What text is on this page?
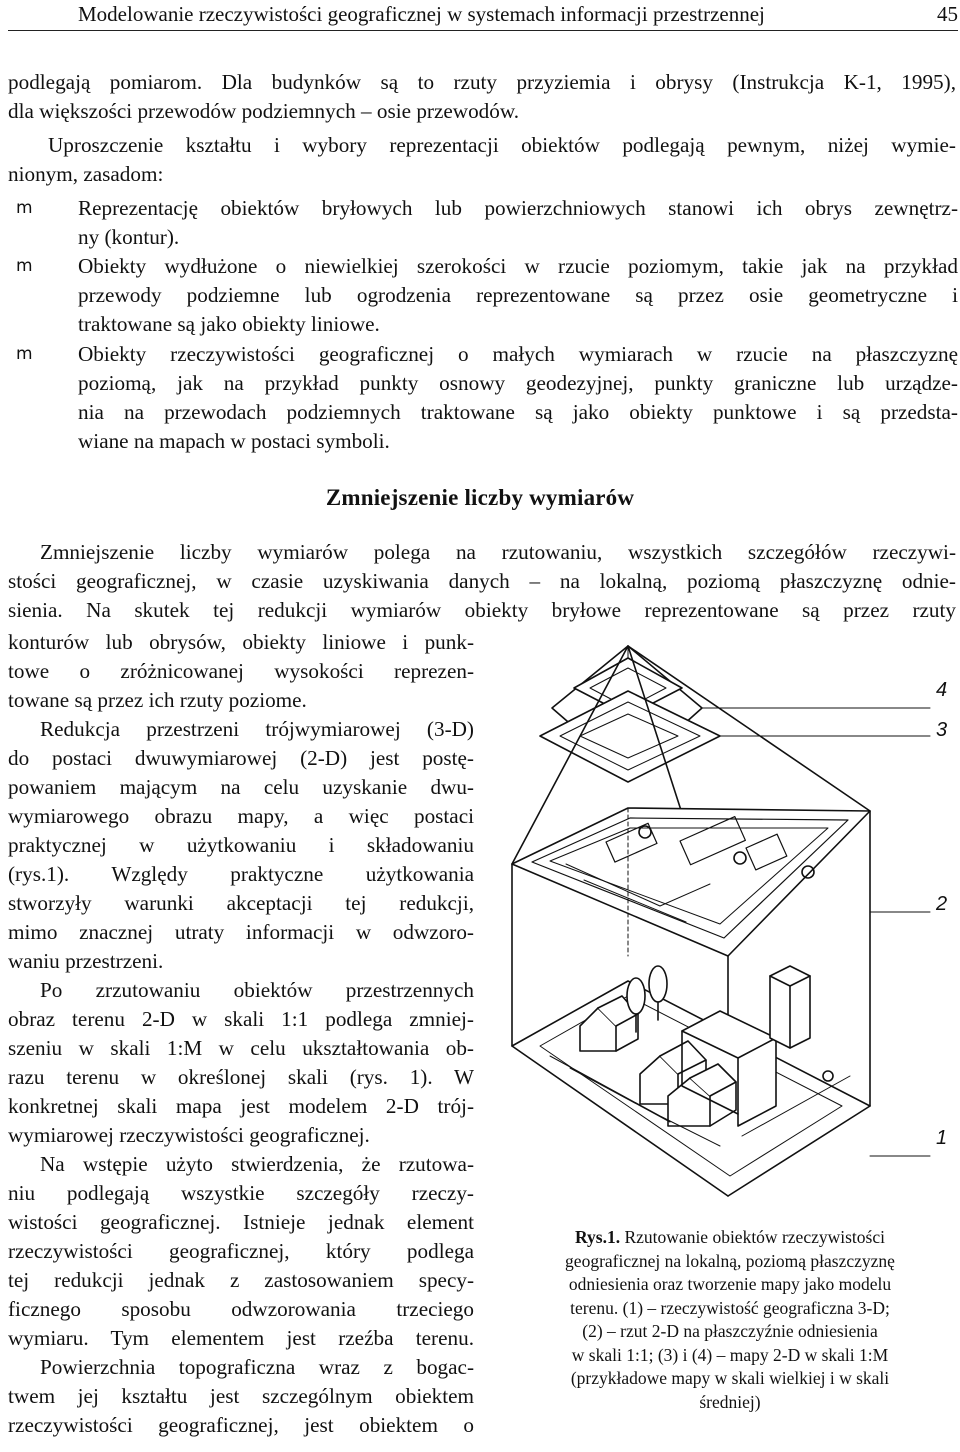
Modelowanie rzeczywistości geograficznej w systemach informacji przestrzennej	45
podlegają pomiarom. Dla budynków są to rzuty przyziemia i obrysy (Instrukcja K-1, 1995),
dla większości przewodów podziemnych – osie przewodów.
Uproszczenie kształtu i wybory reprezentacji obiektów podlegają pewnym, niżej wymie-
nionym, zasadom:
m Reprezentację obiektów bryłowych lub powierzchniowych stanowi ich obrys zewnętrz-
ny (kontur).
m Obiekty wydłużone o niewielkiej szerokości w rzucie poziomym, takie jak na przykład
przewody podziemne lub ogrodzenia reprezentowane są przez osie geometryczne i
traktowane są jako obiekty liniowe.
m Obiekty rzeczywistości geograficznej o małych wymiarach w rzucie na płaszczyznę
poziomą, jak na przykład punkty osnowy geodezyjnej, punkty graniczne lub urządze-
nia na przewodach podziemnych traktowane są jako obiekty punktowe i są przedsta-
wiane na mapach w postaci symboli.
Zmniejszenie liczby wymiarów
Zmniejszenie liczby wymiarów polega na rzutowaniu, wszystkich szczegółów rzeczywi-
stości geograficznej, w czasie uzyskiwania danych – na lokalną, poziomą płaszczyznę odnie-
sienia. Na skutek tej redukcji wymiarów obiekty bryłowe reprezentowane są przez rzuty
konturów lub obrysów, obiekty liniowe i punk-
towe o zróżnicowanej wysokości reprezen-
towane są przez ich rzuty poziome.
Redukcja przestrzeni trójwymiarowej (3-D)
do postaci dwuwymiarowej (2-D) jest postę-
powaniem mającym na celu uzyskanie dwu-
wymiarowego obrazu mapy, a więc postaci
praktycznej w użytkowaniu i składowaniu
(rys.1). Względy praktyczne użytkowania
stworzyły warunki akceptacji tej redukcji,
mimo znacznej utraty informacji w odwzoro-
waniu przestrzeni.
Po zrzutowaniu obiektów przestrzennych
obraz terenu 2-D w skali 1:1 podlega zmniej-
szeniu w skali 1:M w celu ukształtowania ob-
razu terenu w określonej skali (rys. 1). W
konkretnej skali mapa jest modelem 2-D trój-
wymiarowej rzeczywistości geograficznej.
Na wstępie użyto stwierdzenia, że rzutowa-
niu podlegają wszystkie szczegóły rzeczy-
wistości geograficznej. Istnieje jednak element
rzeczywistości geograficznej, który podlega
tej redukcji jednak z zastosowaniem specy-
ficznego sposobu odwzorowania trzeciego
wymiaru. Tym elementem jest rzeźba terenu.
Powierzchnia topograficzna wraz z bogac-
twem jej kształtu jest szczególnym obiektem
rzeczywistości geograficznej, jest obiektem o
4
3
2
1
Rys.1. Rzutowanie obiektów rzeczywistości
geograficznej na lokalną, poziomą płaszczyznę
odniesienia oraz tworzenie mapy jako modelu
terenu. (1) – rzeczywistość geograficzna 3-D;
(2) – rzut 2-D na płaszczyźnie odniesienia
w skali 1:1; (3) i (4) – mapy 2-D w skali 1:M
(przykładowe mapy w skali wielkiej i w skali
średniej)
